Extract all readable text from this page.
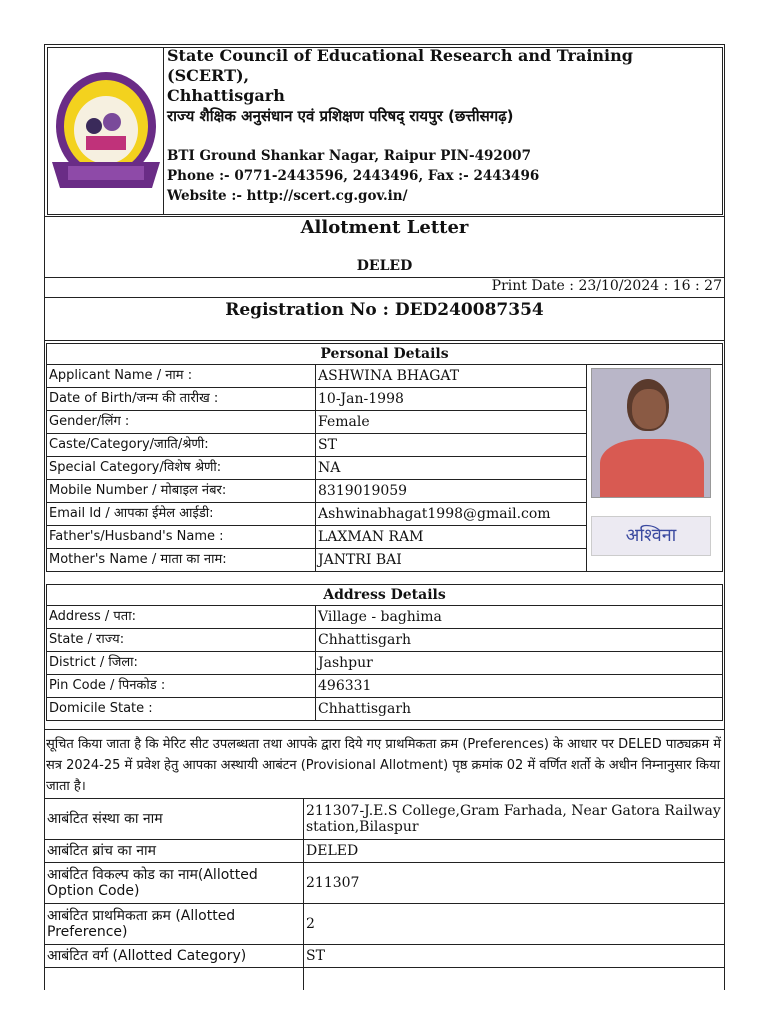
State Council of Educational Research and Training (SCERT),
Chhattisgarh
राज्य शैक्षिक अनुसंधान एवं प्रशिक्षण परिषद् रायपुर (छत्तीसगढ़)
BTI Ground Shankar Nagar, Raipur PIN-492007
Phone :- 0771-2443596, 2443496, Fax :- 2443496
Website :- http://scert.cg.gov.in/
Allotment Letter
DELED
Print Date : 23/10/2024 : 16 : 27
Registration No : DED240087354
Personal Details		
Applicant Name / नाम :	ASHWINA BHAGAT	अश्विना

Date of Birth/जन्म की तारीख :	10-Jan-1998	
Gender/लिंग :	Female	
Caste/Category/जाति/श्रेणी:	ST	
Special Category/विशेष श्रेणी:	NA	
Mobile Number / मोबाइल नंबर:	8319019059	
Email Id / आपका ईमेल आईडी:	Ashwinabhagat1998@gmail.com	
Father's/Husband's Name :	LAXMAN RAM	
Mother's Name / माता का नाम:	JANTRI BAI	
Address Details	
Address / पता:	Village - baghima
State / राज्य:	Chhattisgarh
District / जिला:	Jashpur
Pin Code / पिनकोड :	496331
Domicile State :	Chhattisgarh
सूचित किया जाता है कि मेरिट सीट उपलब्धता तथा आपके द्वारा दिये गए प्राथमिकता क्रम (Preferences) के आधार पर DELED पाठ्यक्रम में सत्र 2024-25 में प्रवेश हेतु आपका अस्थायी आबंटन (Provisional Allotment) पृष्ठ क्रमांक 02 में वर्णित शर्तो के अधीन निम्नानुसार किया जाता है।
आबंटित संस्था का नाम	211307-J.E.S College,Gram Farhada, Near Gatora Railway station,Bilaspur
आबंटित ब्रांच का नाम	DELED
आबंटित विकल्प कोड का नाम(Allotted Option Code)	211307
आबंटित प्राथमिकता क्रम (Allotted Preference)	2
आबंटित वर्ग (Allotted Category)	ST
